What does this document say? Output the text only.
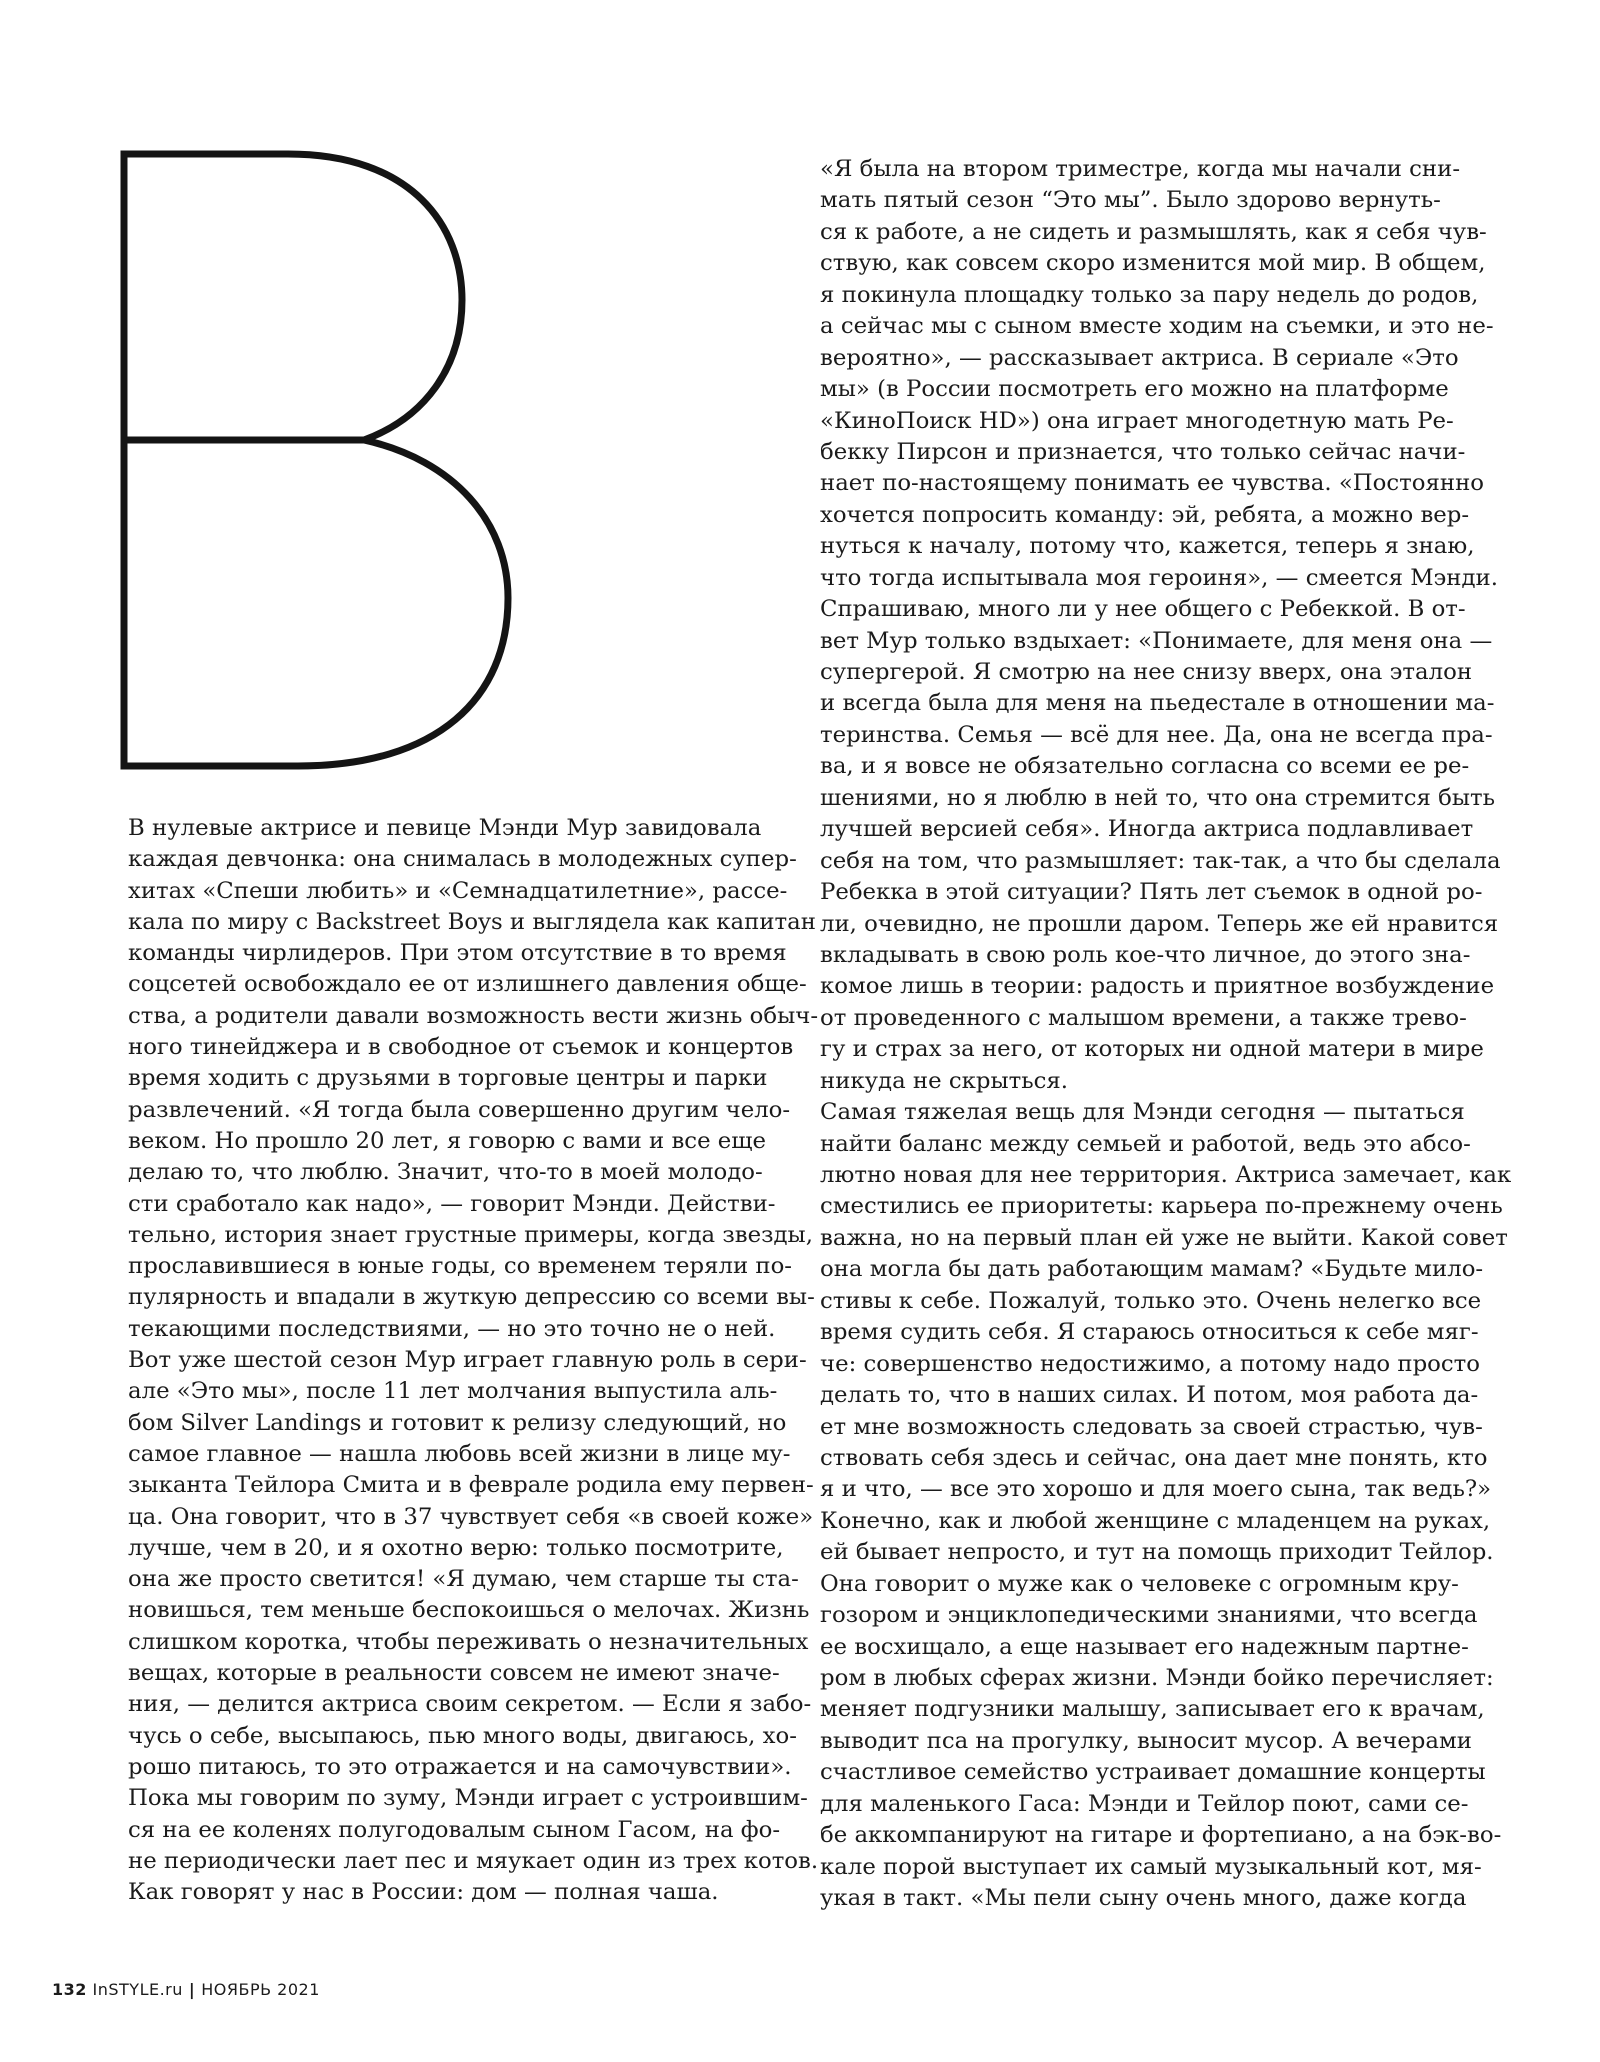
В нулевые актрисе и певице Мэнди Мур завидовала
каждая девчонка: она снималась в молодежных супер-
хитах «Спеши любить» и «Семнадцатилетние», рассе-
кала по миру с Backstreet Boys и выглядела как капитан
команды чирлидеров. При этом отсутствие в то время
соцсетей освобождало ее от излишнего давления обще-
ства, а родители давали возможность вести жизнь обыч-
ного тинейджера и в свободное от съемок и концертов
время ходить с друзьями в торговые центры и парки
развлечений. «Я тогда была совершенно другим чело-
веком. Но прошло 20 лет, я говорю с вами и все еще
делаю то, что люблю. Значит, что-то в моей молодо-
сти сработало как надо», — говорит Мэнди. Действи-
тельно, история знает грустные примеры, когда звезды,
прославившиеся в юные годы, со временем теряли по-
пулярность и впадали в жуткую депрессию со всеми вы-
текающими последствиями, — но это точно не о ней.
Вот уже шестой сезон Мур играет главную роль в сери-
але «Это мы», после 11 лет молчания выпустила аль-
бом Silver Landings и готовит к релизу следующий, но
самое главное — нашла любовь всей жизни в лице му-
зыканта Тейлора Смита и в феврале родила ему первен-
ца. Она говорит, что в 37 чувствует себя «в своей коже»
лучше, чем в 20, и я охотно верю: только посмотрите,
она же просто светится! «Я думаю, чем старше ты ста-
новишься, тем меньше беспокоишься о мелочах. Жизнь
слишком коротка, чтобы переживать о незначительных
вещах, которые в реальности совсем не имеют значе-
ния, — делится актриса своим секретом. — Если я забо-
чусь о себе, высыпаюсь, пью много воды, двигаюсь, хо-
рошо питаюсь, то это отражается и на самочувствии».
Пока мы говорим по зуму, Мэнди играет с устроившим-
ся на ее коленях полугодовалым сыном Гасом, на фо-
не периодически лает пес и мяукает один из трех котов.
Как говорят у нас в России: дом — полная чаша.
«Я была на втором триместре, когда мы начали сни-
мать пятый сезон “Это мы”. Было здорово вернуть-
ся к работе, а не сидеть и размышлять, как я себя чув-
ствую, как совсем скоро изменится мой мир. В общем,
я покинула площадку только за пару недель до родов,
а сейчас мы с сыном вместе ходим на съемки, и это не-
вероятно», — рассказывает актриса. В сериале «Это
мы» (в России посмотреть его можно на платформе
«КиноПоиск HD») она играет многодетную мать Ре-
бекку Пирсон и признается, что только сейчас начи-
нает по-настоящему понимать ее чувства. «Постоянно
хочется попросить команду: эй, ребята, а можно вер-
нуться к началу, потому что, кажется, теперь я знаю,
что тогда испытывала моя героиня», — смеется Мэнди.
Спрашиваю, много ли у нее общего с Ребеккой. В от-
вет Мур только вздыхает: «Понимаете, для меня она —
супергерой. Я смотрю на нее снизу вверх, она эталон
и всегда была для меня на пьедестале в отношении ма-
теринства. Семья — всё для нее. Да, она не всегда пра-
ва, и я вовсе не обязательно согласна со всеми ее ре-
шениями, но я люблю в ней то, что она стремится быть
лучшей версией себя». Иногда актриса подлавливает
себя на том, что размышляет: так-так, а что бы сделала
Ребекка в этой ситуации? Пять лет съемок в одной ро-
ли, очевидно, не прошли даром. Теперь же ей нравится
вкладывать в свою роль кое-что личное, до этого зна-
комое лишь в теории: радость и приятное возбуждение
от проведенного с малышом времени, а также трево-
гу и страх за него, от которых ни одной матери в мире
никуда не скрыться.
Самая тяжелая вещь для Мэнди сегодня — пытаться
найти баланс между семьей и работой, ведь это абсо-
лютно новая для нее территория. Актриса замечает, как
сместились ее приоритеты: карьера по-прежнему очень
важна, но на первый план ей уже не выйти. Какой совет
она могла бы дать работающим мамам? «Будьте мило-
стивы к себе. Пожалуй, только это. Очень нелегко все
время судить себя. Я стараюсь относиться к себе мяг-
че: совершенство недостижимо, а потому надо просто
делать то, что в наших силах. И потом, моя работа да-
ет мне возможность следовать за своей страстью, чув-
ствовать себя здесь и сейчас, она дает мне понять, кто
я и что, — все это хорошо и для моего сына, так ведь?»
Конечно, как и любой женщине с младенцем на руках,
ей бывает непросто, и тут на помощь приходит Тейлор.
Она говорит о муже как о человеке с огромным кру-
гозором и энциклопедическими знаниями, что всегда
ее восхищало, а еще называет его надежным партне-
ром в любых сферах жизни. Мэнди бойко перечисляет:
меняет подгузники малышу, записывает его к врачам,
выводит пса на прогулку, выносит мусор. А вечерами
счастливое семейство устраивает домашние концерты
для маленького Гаса: Мэнди и Тейлор поют, сами се-
бе аккомпанируют на гитаре и фортепиано, а на бэк-во-
кале порой выступает их самый музыкальный кот, мя-
укая в такт. «Мы пели сыну очень много, даже когда
132 InSTYLE.ru | НОЯБРЬ 2021
